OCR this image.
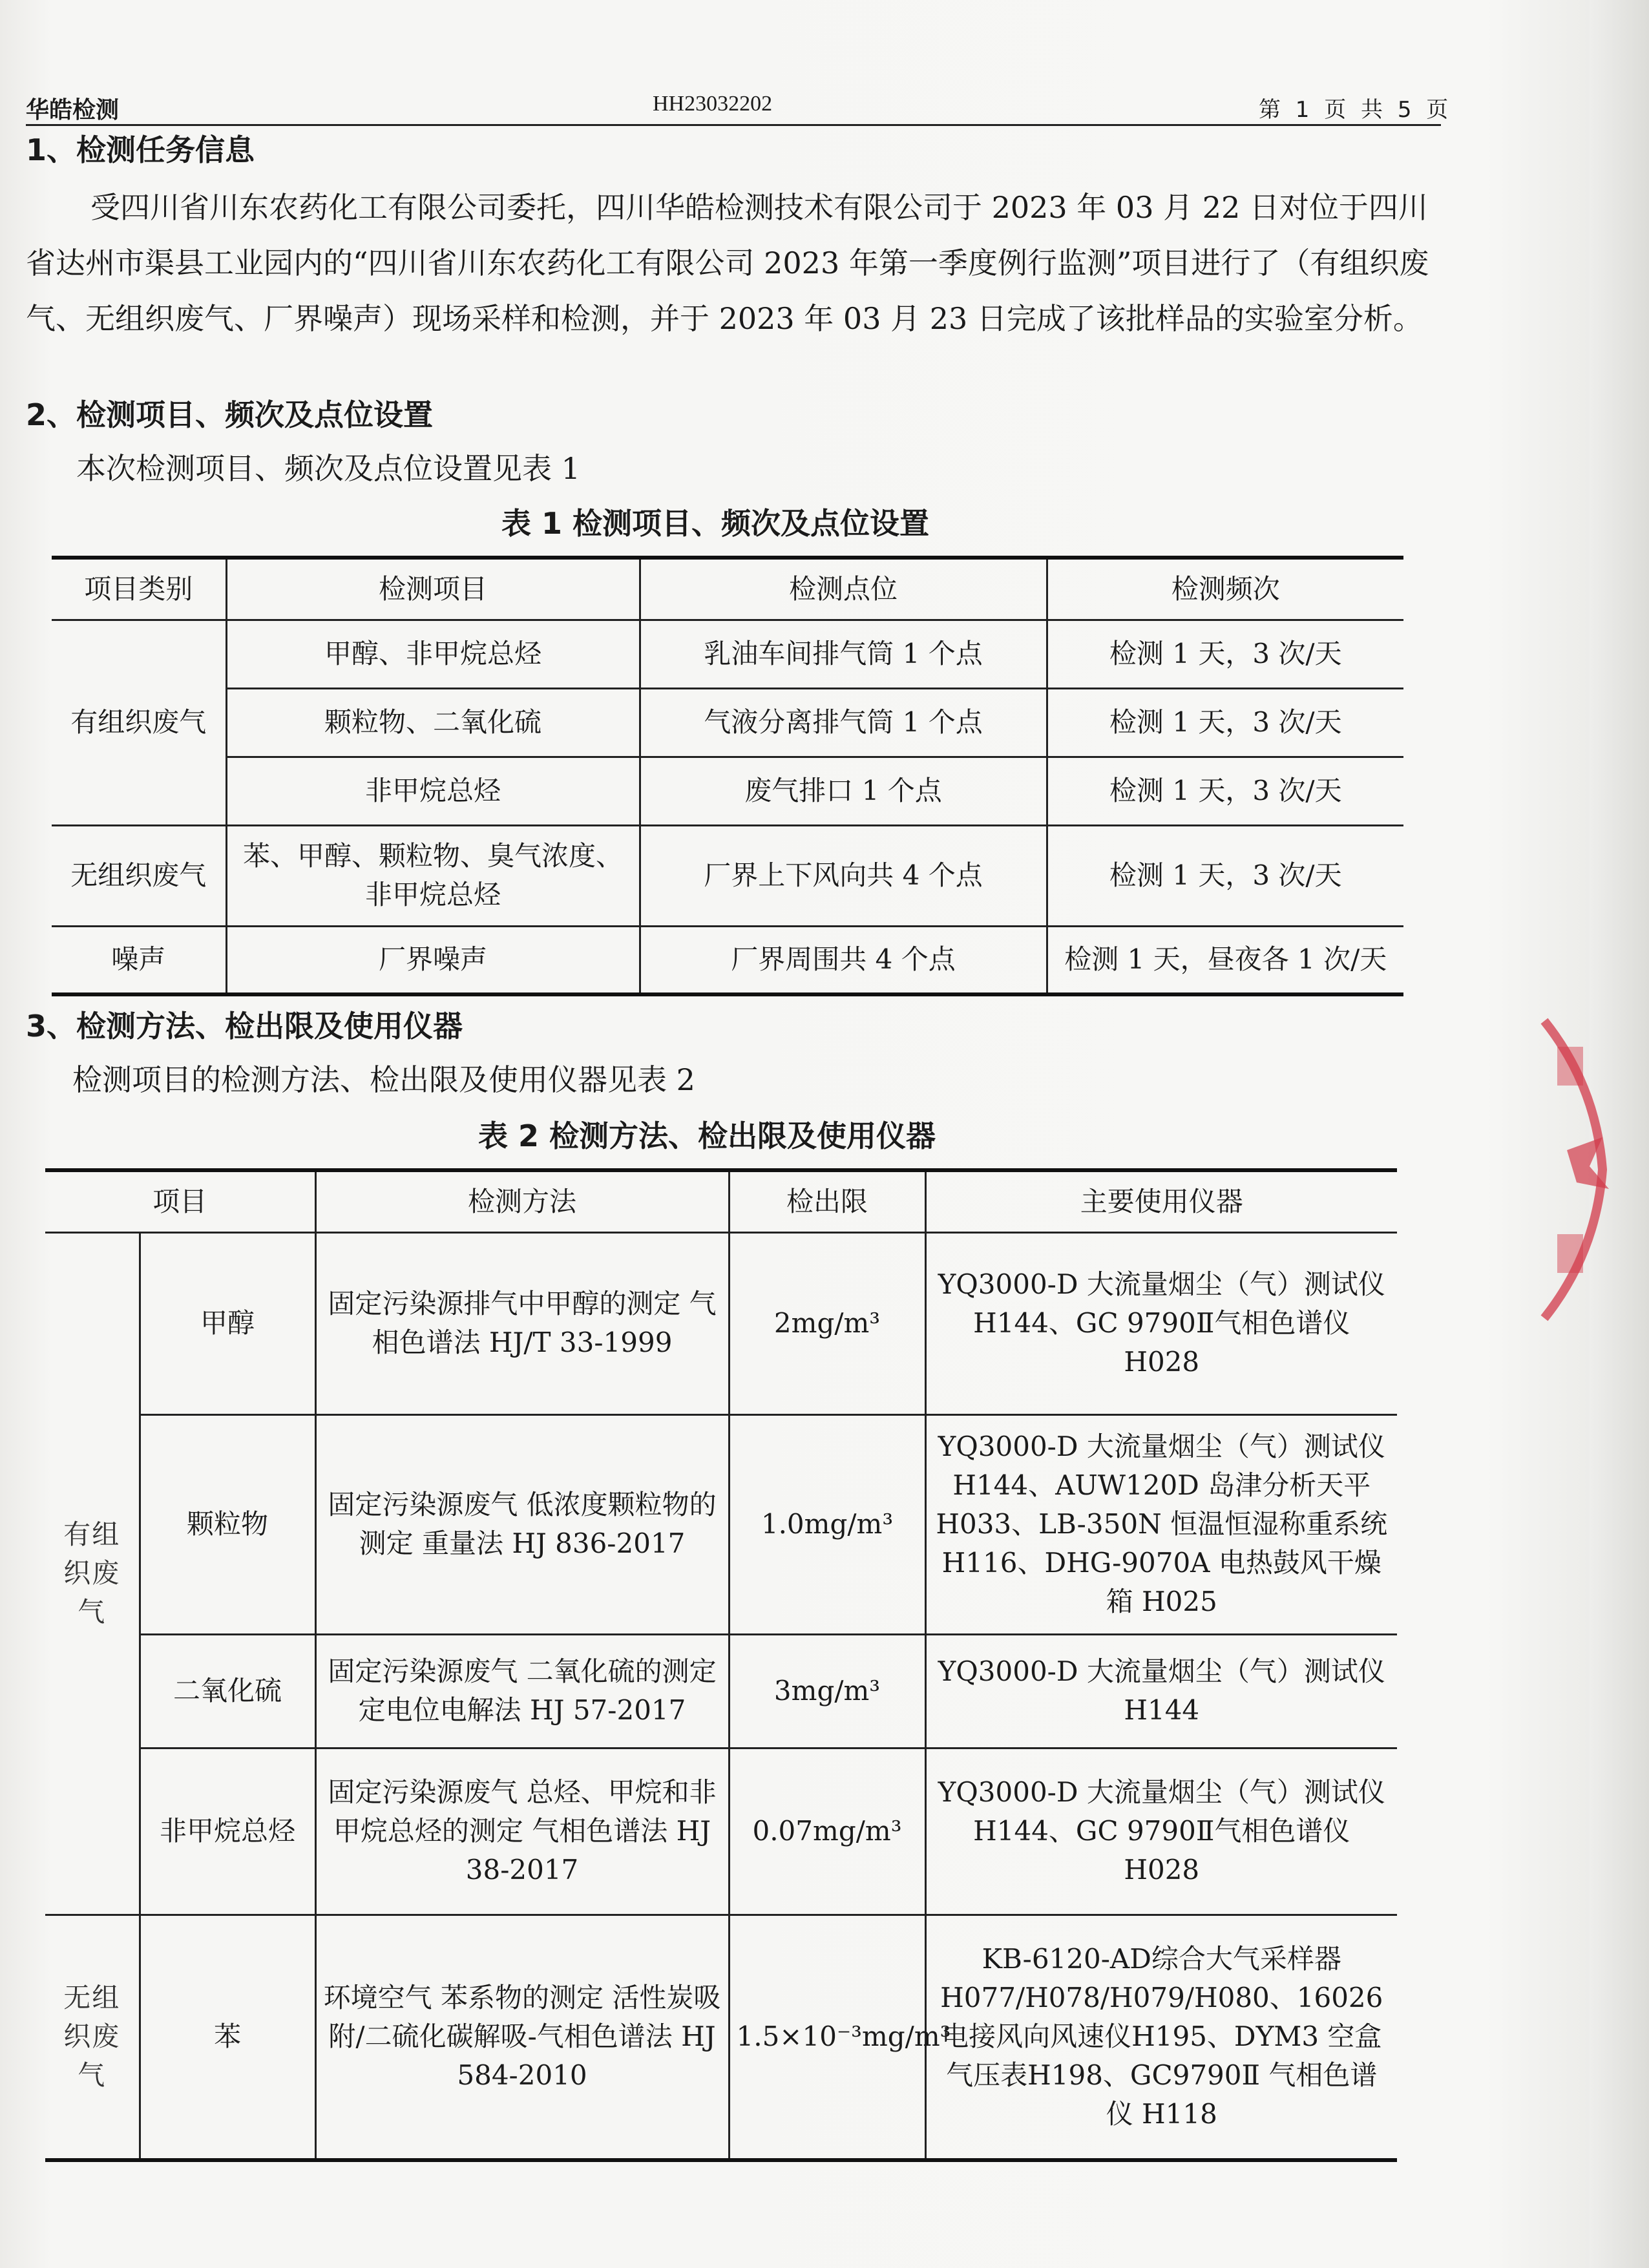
华皓检测	HH23032202	第 1 页 共 5 页
1、检测任务信息
受四川省川东农药化工有限公司委托，四川华皓检测技术有限公司于 2023 年 03 月 22 日对位于四川省达州市渠县工业园内的“四川省川东农药化工有限公司 2023 年第一季度例行监测”项目进行了（有组织废气、无组织废气、厂界噪声）现场采样和检测，并于 2023 年 03 月 23 日完成了该批样品的实验室分析。
2、检测项目、频次及点位设置
本次检测项目、频次及点位设置见表 1
表 1 检测项目、频次及点位设置
项目类别	检测项目	检测点位	检测频次
有组织废气	甲醇、非甲烷总烃	乳油车间排气筒 1 个点	检测 1 天，3 次/天
	颗粒物、二氧化硫	气液分离排气筒 1 个点	检测 1 天，3 次/天
	非甲烷总烃	废气排口 1 个点	检测 1 天，3 次/天
无组织废气	苯、甲醇、颗粒物、臭气浓度、非甲烷总烃	厂界上下风向共 4 个点	检测 1 天，3 次/天
噪声	厂界噪声	厂界周围共 4 个点	检测 1 天，昼夜各 1 次/天
3、检测方法、检出限及使用仪器
检测项目的检测方法、检出限及使用仪器见表 2
表 2 检测方法、检出限及使用仪器
项目		检测方法	检出限	主要使用仪器
有组织废气	甲醇	固定污染源排气中甲醇的测定 气相色谱法 HJ/T 33-1999	2mg/m³	YQ3000-D 大流量烟尘（气）测试仪 H144、GC 9790Ⅱ气相色谱仪 H028
	颗粒物	固定污染源废气 低浓度颗粒物的测定 重量法 HJ 836-2017	1.0mg/m³	YQ3000-D 大流量烟尘（气）测试仪 H144、AUW120D 岛津分析天平 H033、LB-350N 恒温恒湿称重系统 H116、DHG-9070A 电热鼓风干燥箱 H025
	二氧化硫	固定污染源废气 二氧化硫的测定 定电位电解法 HJ 57-2017	3mg/m³	YQ3000-D 大流量烟尘（气）测试仪 H144
	非甲烷总烃	固定污染源废气 总烃、甲烷和非甲烷总烃的测定 气相色谱法 HJ 38-2017	0.07mg/m³	YQ3000-D 大流量烟尘（气）测试仪 H144、GC 9790Ⅱ气相色谱仪 H028
无组织废气	苯	环境空气 苯系物的测定 活性炭吸附/二硫化碳解吸-气相色谱法 HJ 584-2010	1.5×10⁻³mg/m³	KB-6120-AD综合大气采样器 H077/H078/H079/H080、16026 电接风向风速仪H195、DYM3 空盒气压表H198、GC9790Ⅱ 气相色谱仪 H118
